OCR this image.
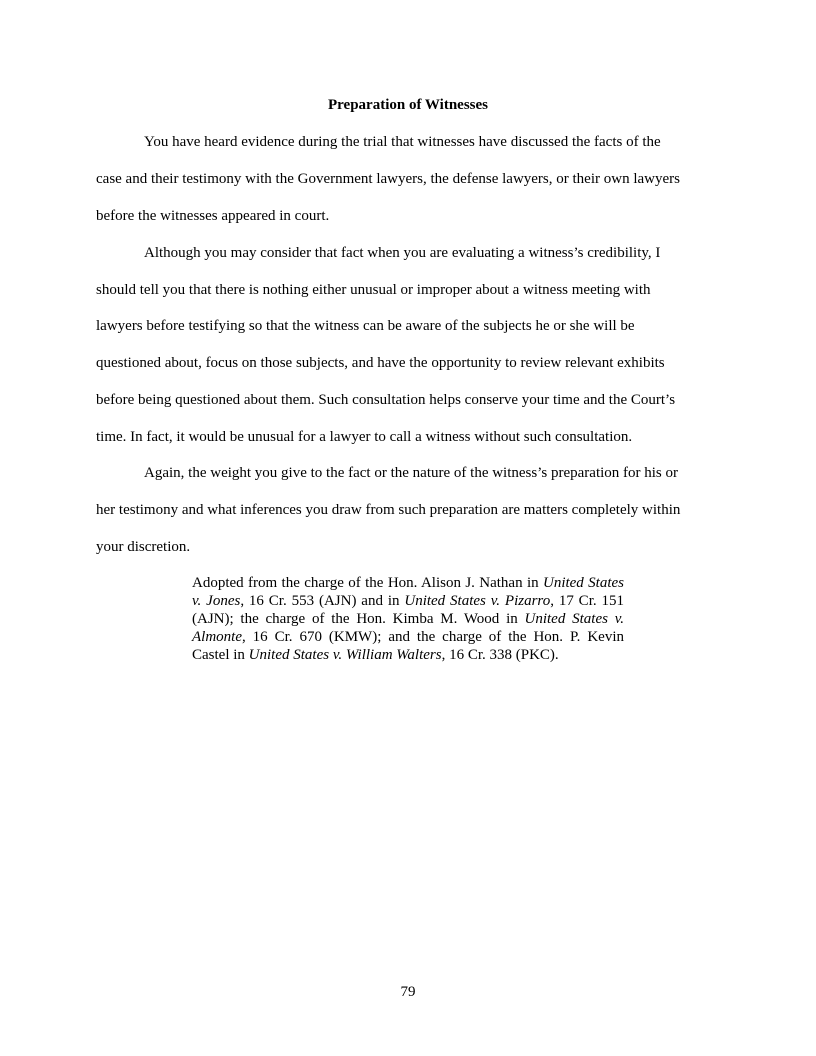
Preparation of Witnesses

You have heard evidence during the trial that witnesses have discussed the facts of the

case and their testimony with the Government lawyers, the defense lawyers, or their own lawyers

before the witnesses appeared in court.

Although you may consider that fact when you are evaluating a witness’s credibility, I

should tell you that there is nothing either unusual or improper about a witness meeting with

lawyers before testifying so that the witness can be aware of the subjects he or she will be

questioned about, focus on those subjects, and have the opportunity to review relevant exhibits

before being questioned about them. Such consultation helps conserve your time and the Court’s

time. In fact, it would be unusual for a lawyer to call a witness without such consultation.

Again, the weight you give to the fact or the nature of the witness’s preparation for his or

her testimony and what inferences you draw from such preparation are matters completely within

your discretion.

Adopted from the charge of the Hon. Alison J. Nathan in United States v. Jones, 16 Cr. 553 (AJN) and in United States v. Pizarro, 17 Cr. 151 (AJN); the charge of the Hon. Kimba M. Wood in United States v. Almonte, 16 Cr. 670 (KMW); and the charge of the Hon. P. Kevin Castel in United States v. William Walters, 16 Cr. 338 (PKC).

79
